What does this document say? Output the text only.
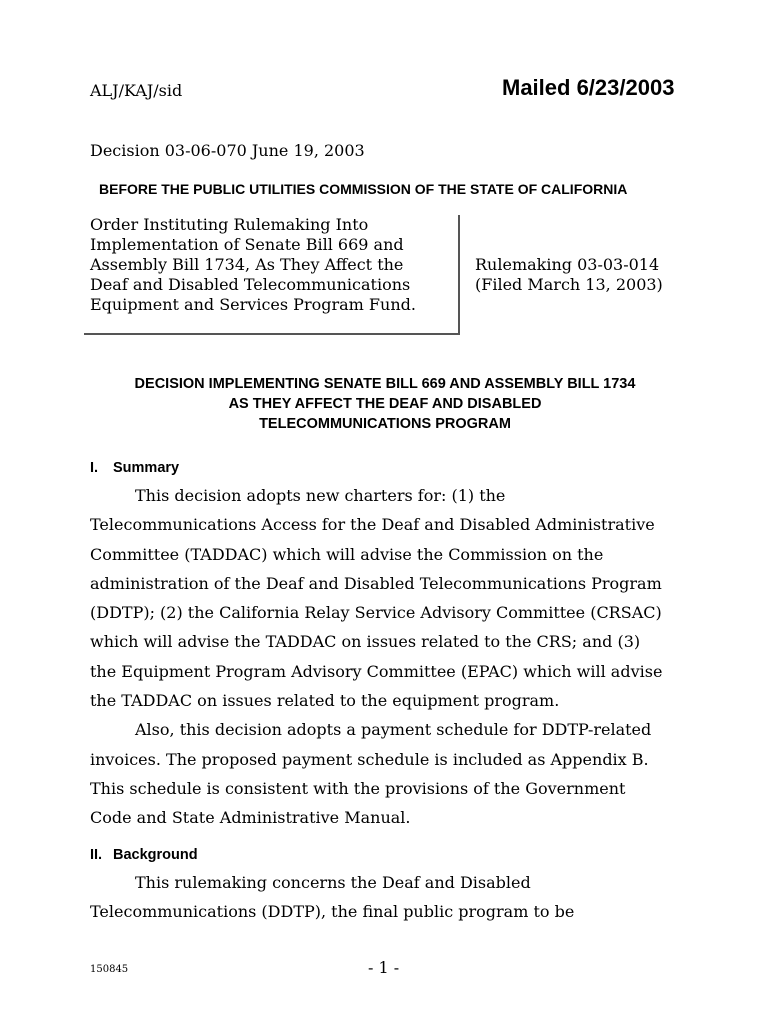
ALJ/KAJ/sid	Mailed 6/23/2003
Decision 03-06-070 June 19, 2003
BEFORE THE PUBLIC UTILITIES COMMISSION OF THE STATE OF CALIFORNIA
Order Instituting Rulemaking Into
Implementation of Senate Bill 669 and
Assembly Bill 1734, As They Affect the
Deaf and Disabled Telecommunications
Equipment and Services Program Fund.
Rulemaking 03-03-014
(Filed March 13, 2003)
DECISION IMPLEMENTING SENATE BILL 669 AND ASSEMBLY BILL 1734
AS THEY AFFECT THE DEAF AND DISABLED
TELECOMMUNICATIONS PROGRAM
I. Summary
This decision adopts new charters for: (1) the
Telecommunications Access for the Deaf and Disabled Administrative
Committee (TADDAC) which will advise the Commission on the
administration of the Deaf and Disabled Telecommunications Program
(DDTP); (2) the California Relay Service Advisory Committee (CRSAC)
which will advise the TADDAC on issues related to the CRS; and (3)
the Equipment Program Advisory Committee (EPAC) which will advise
the TADDAC on issues related to the equipment program.
Also, this decision adopts a payment schedule for DDTP-related
invoices. The proposed payment schedule is included as Appendix B.
This schedule is consistent with the provisions of the Government
Code and State Administrative Manual.
II. Background
This rulemaking concerns the Deaf and Disabled
Telecommunications (DDTP), the final public program to be
150845	- 1 -
